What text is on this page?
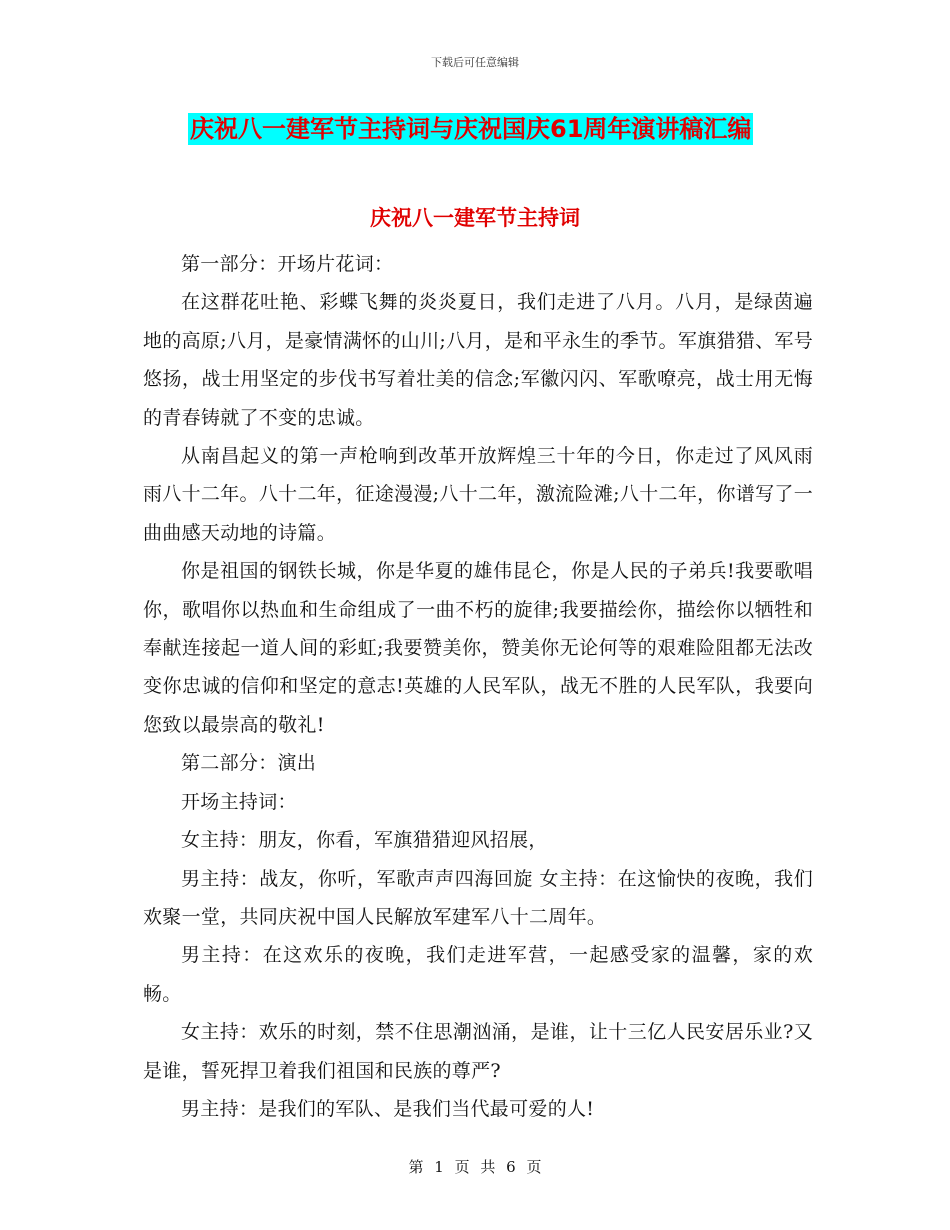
下载后可任意编辑
庆祝八一建军节主持词与庆祝国庆61周年演讲稿汇编
庆祝八一建军节主持词

第一部分：开场片花词：

在这群花吐艳、彩蝶飞舞的炎炎夏日，我们走进了八月。八月，是绿茵遍地的高原;八月，是豪情满怀的山川;八月，是和平永生的季节。军旗猎猎、军号悠扬，战士用坚定的步伐书写着壮美的信念;军徽闪闪、军歌嘹亮，战士用无悔的青春铸就了不变的忠诚。

从南昌起义的第一声枪响到改革开放辉煌三十年的今日，你走过了风风雨雨八十二年。八十二年，征途漫漫;八十二年，激流险滩;八十二年，你谱写了一曲曲感天动地的诗篇。

你是祖国的钢铁长城，你是华夏的雄伟昆仑，你是人民的子弟兵!我要歌唱你，歌唱你以热血和生命组成了一曲不朽的旋律;我要描绘你，描绘你以牺牲和奉献连接起一道人间的彩虹;我要赞美你，赞美你无论何等的艰难险阻都无法改变你忠诚的信仰和坚定的意志!英雄的人民军队，战无不胜的人民军队，我要向您致以最崇高的敬礼!

第二部分：演出

开场主持词：

女主持：朋友，你看，军旗猎猎迎风招展，

男主持：战友，你听，军歌声声四海回旋 女主持：在这愉快的夜晚，我们欢聚一堂，共同庆祝中国人民解放军建军八十二周年。

男主持：在这欢乐的夜晚，我们走进军营，一起感受家的温馨，家的欢畅。

女主持：欢乐的时刻，禁不住思潮汹涌，是谁，让十三亿人民安居乐业?又是谁，誓死捍卫着我们祖国和民族的尊严?

男主持：是我们的军队、是我们当代最可爱的人!

第 1 页 共 6 页
